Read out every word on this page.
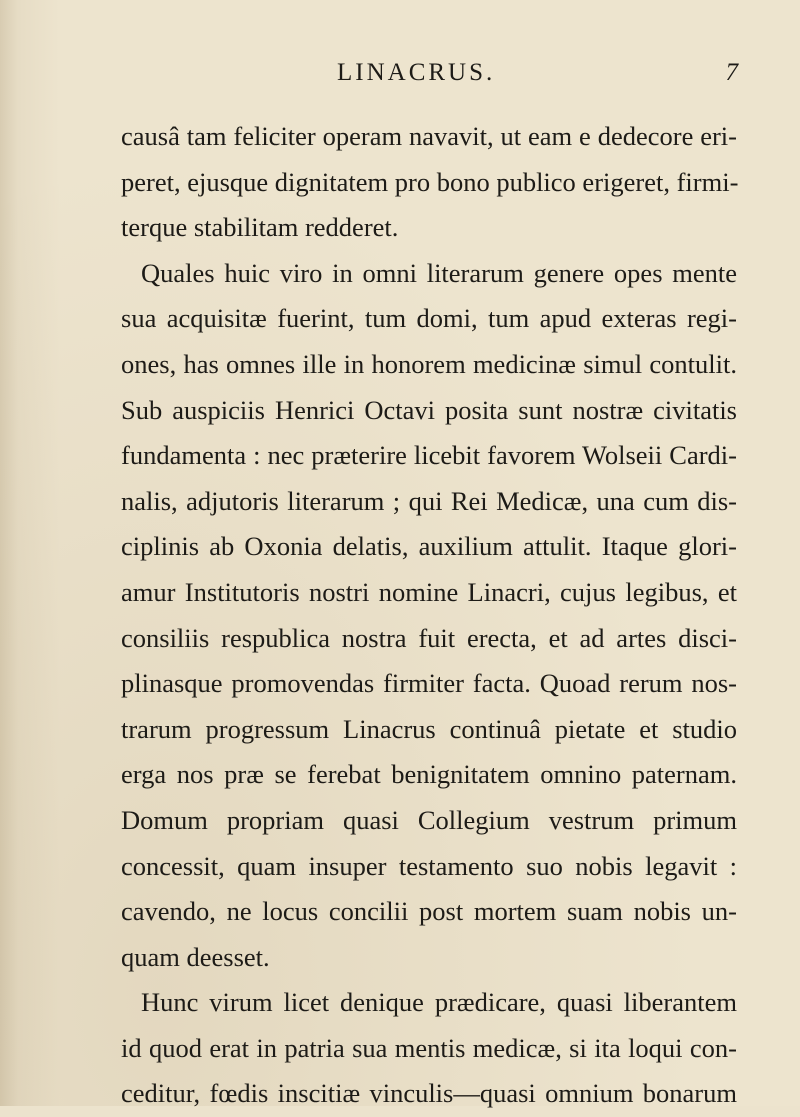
LINACRUS.	7
causâ tam feliciter operam navavit, ut eam e dedecore eri-
peret, ejusque dignitatem pro bono publico erigeret, firmi-
terque stabilitam redderet.
Quales huic viro in omni literarum genere opes mente
sua acquisitæ fuerint, tum domi, tum apud exteras regi-
ones, has omnes ille in honorem medicinæ simul contulit.
Sub auspiciis Henrici Octavi posita sunt nostræ civitatis
fundamenta : nec præterire licebit favorem Wolseii Cardi-
nalis, adjutoris literarum ; qui Rei Medicæ, una cum dis-
ciplinis ab Oxonia delatis, auxilium attulit. Itaque glori-
amur Institutoris nostri nomine Linacri, cujus legibus, et
consiliis respublica nostra fuit erecta, et ad artes disci-
plinasque promovendas firmiter facta. Quoad rerum nos-
trarum progressum Linacrus continuâ pietate et studio
erga nos præ se ferebat benignitatem omnino paternam.
Domum propriam quasi Collegium vestrum primum
concessit, quam insuper testamento suo nobis legavit :
cavendo, ne locus concilii post mortem suam nobis un-
quam deesset.
Hunc virum licet denique prædicare, quasi liberantem
id quod erat in patria sua mentis medicæ, si ita loqui con-
ceditur, fœdis inscitiæ vinculis—quasi omnium bonarum
